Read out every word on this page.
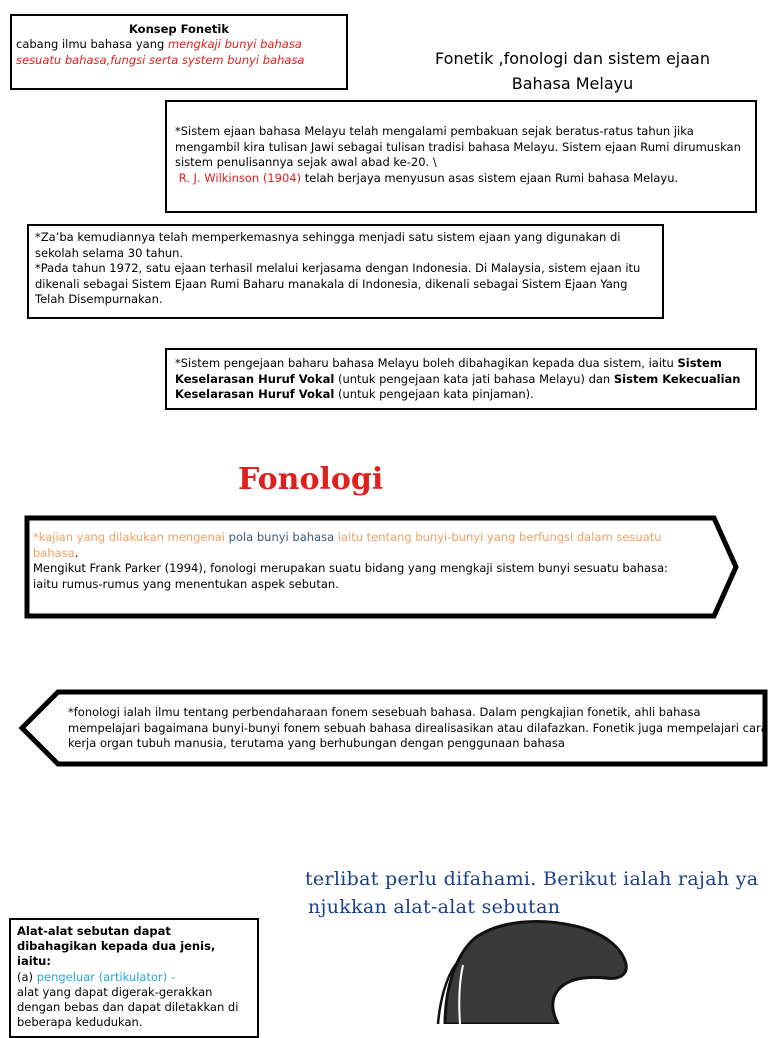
Konsep Fonetik
cabang ilmu bahasa yang mengkaji bunyi bahasa
sesuatu bahasa,fungsi serta system bunyi bahasa	Fonetik ,fonologi dan sistem ejaan
Bahasa Melayu
*Sistem ejaan bahasa Melayu telah mengalami pembakuan sejak beratus-ratus tahun jika mengambil kira tulisan Jawi sebagai tulisan tradisi bahasa Melayu. Sistem ejaan Rumi dirumuskan sistem penulisannya sejak awal abad ke-20. \
R. J. Wilkinson (1904) telah berjaya menyusun asas sistem ejaan Rumi bahasa Melayu.
*Za’ba kemudiannya telah memperkemasnya sehingga menjadi satu sistem ejaan yang digunakan di sekolah selama 30 tahun.
*Pada tahun 1972, satu ejaan terhasil melalui kerjasama dengan Indonesia. Di Malaysia, sistem ejaan itu dikenali sebagai Sistem Ejaan Rumi Baharu manakala di Indonesia, dikenali sebagai Sistem Ejaan Yang Telah Disempurnakan.
*Sistem pengejaan baharu bahasa Melayu boleh dibahagikan kepada dua sistem, iaitu Sistem Keselarasan Huruf Vokal (untuk pengejaan kata jati bahasa Melayu) dan Sistem Kekecualian Keselarasan Huruf Vokal (untuk pengejaan kata pinjaman).
Fonologi
*kajian yang dilakukan mengenai pola bunyi bahasa iaitu tentang bunyi-bunyi yang berfungsi dalam sesuatu bahasa.
Mengikut Frank Parker (1994), fonologi merupakan suatu bidang yang mengkaji sistem bunyi sesuatu bahasa: iaitu rumus-rumus yang menentukan aspek sebutan.
*fonologi ialah ilmu tentang perbendaharaan fonem sesebuah bahasa. Dalam pengkajian fonetik, ahli bahasa
mempelajari bagaimana bunyi-bunyi fonem sebuah bahasa direalisasikan atau dilafazkan. Fonetik juga mempelajari cara
kerja organ tubuh manusia, terutama yang berhubungan dengan penggunaan bahasa
terlibat perlu difahami. Berikut ialah rajah ya
njukkan alat-alat sebutan
Alat-alat sebutan dapat dibahagikan kepada dua jenis, iaitu:
(a) pengeluar (artikulator) -
alat yang dapat digerak-gerakkan dengan bebas dan dapat diletakkan di beberapa kedudukan.
